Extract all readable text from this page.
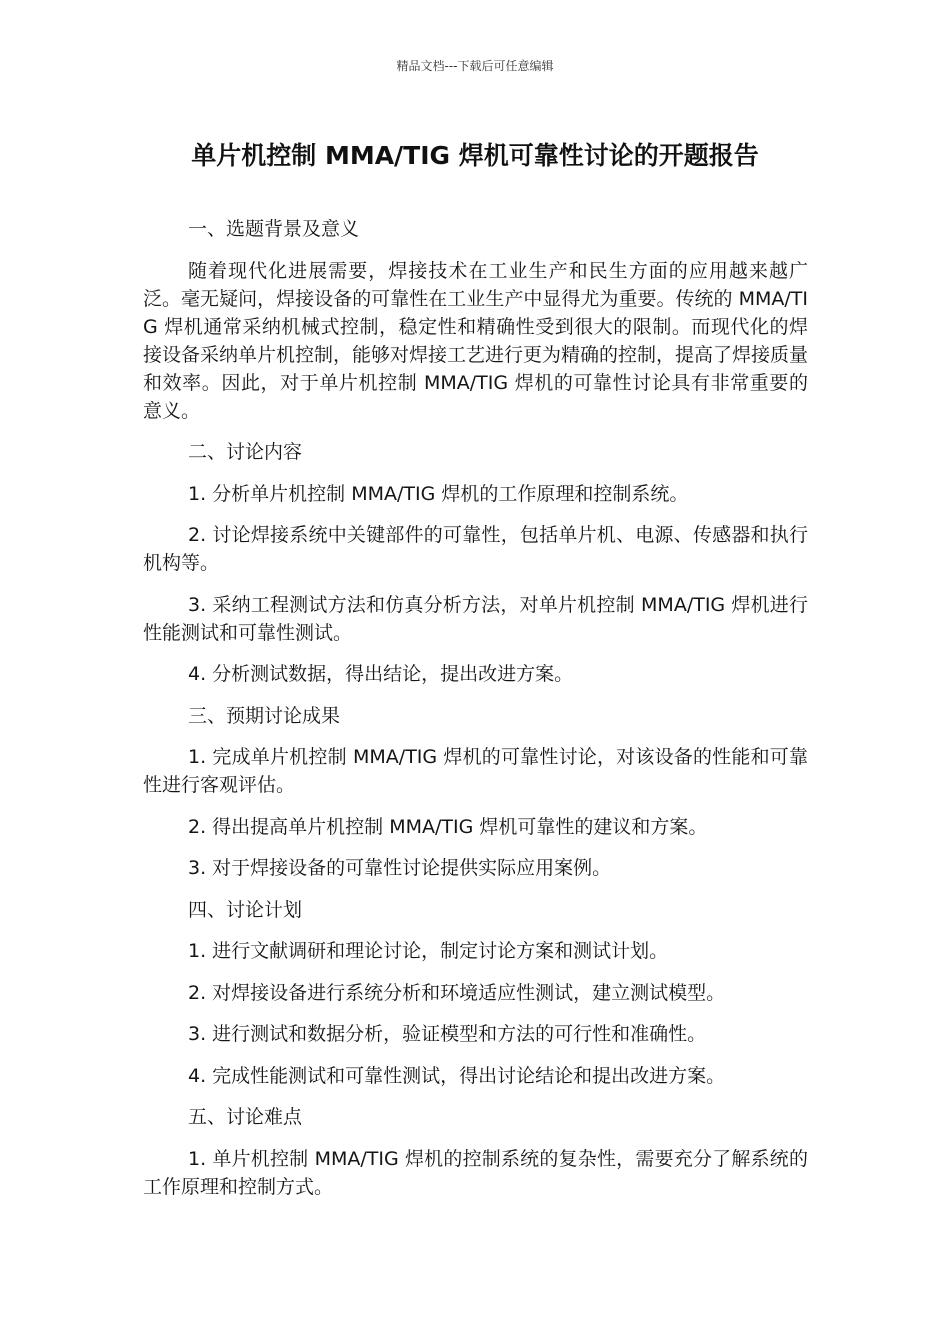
精品文档---下载后可任意编辑
单片机控制 MMA/TIG 焊机可靠性讨论的开题报告

一、选题背景及意义

随着现代化进展需要，焊接技术在工业生产和民生方面的应用越来越广泛。毫无疑问，焊接设备的可靠性在工业生产中显得尤为重要。传统的 MMA/TIG 焊机通常采纳机械式控制，稳定性和精确性受到很大的限制。而现代化的焊接设备采纳单片机控制，能够对焊接工艺进行更为精确的控制，提高了焊接质量和效率。因此，对于单片机控制 MMA/TIG 焊机的可靠性讨论具有非常重要的意义。

二、讨论内容

1. 分析单片机控制 MMA/TIG 焊机的工作原理和控制系统。

2. 讨论焊接系统中关键部件的可靠性，包括单片机、电源、传感器和执行机构等。

3. 采纳工程测试方法和仿真分析方法，对单片机控制 MMA/TIG 焊机进行性能测试和可靠性测试。

4. 分析测试数据，得出结论，提出改进方案。

三、预期讨论成果

1. 完成单片机控制 MMA/TIG 焊机的可靠性讨论，对该设备的性能和可靠性进行客观评估。

2. 得出提高单片机控制 MMA/TIG 焊机可靠性的建议和方案。

3. 对于焊接设备的可靠性讨论提供实际应用案例。

四、讨论计划

1. 进行文献调研和理论讨论，制定讨论方案和测试计划。

2. 对焊接设备进行系统分析和环境适应性测试，建立测试模型。

3. 进行测试和数据分析，验证模型和方法的可行性和准确性。

4. 完成性能测试和可靠性测试，得出讨论结论和提出改进方案。

五、讨论难点

1. 单片机控制 MMA/TIG 焊机的控制系统的复杂性，需要充分了解系统的工作原理和控制方式。
